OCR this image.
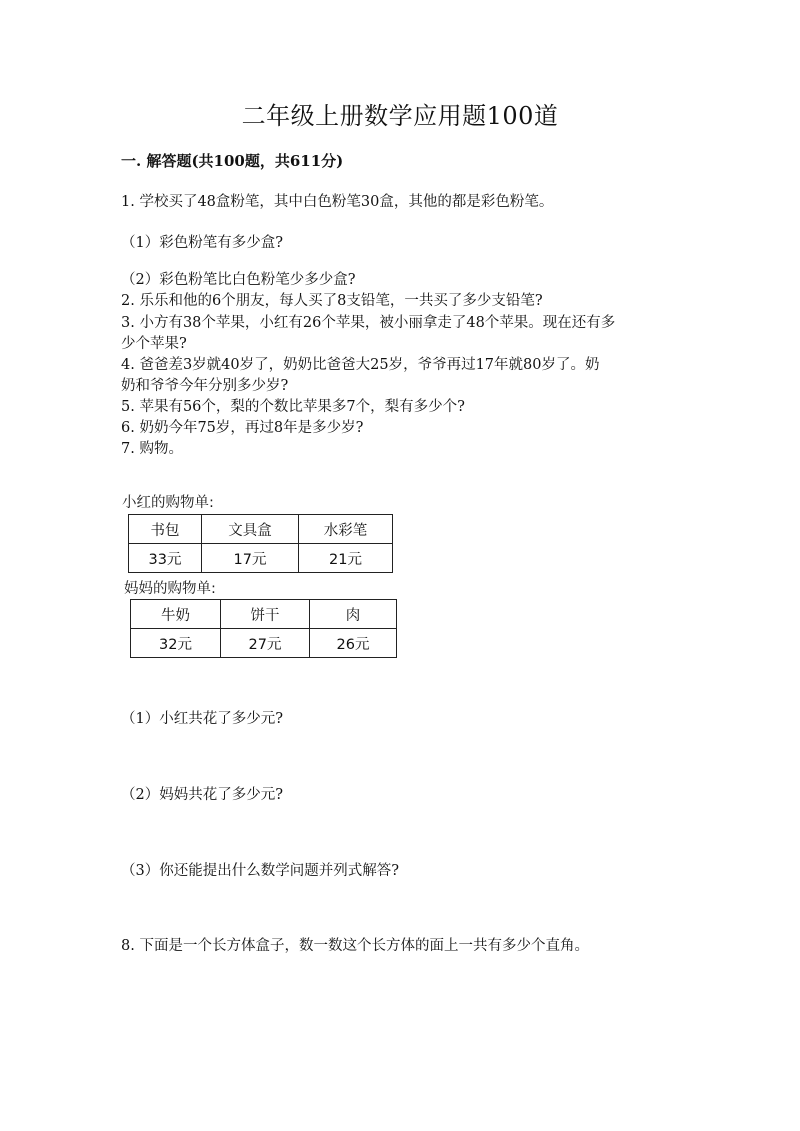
二年级上册数学应用题100道
一. 解答题(共100题，共611分)
1. 学校买了48盒粉笔，其中白色粉笔30盒，其他的都是彩色粉笔。
（1）彩色粉笔有多少盒?
（2）彩色粉笔比白色粉笔少多少盒?
2. 乐乐和他的6个朋友，每人买了8支铅笔，一共买了多少支铅笔?
3. 小方有38个苹果，小红有26个苹果，被小丽拿走了48个苹果。现在还有多
少个苹果?
4. 爸爸差3岁就40岁了，奶奶比爸爸大25岁，爷爷再过17年就80岁了。奶
奶和爷爷今年分别多少岁?
5. 苹果有56个，梨的个数比苹果多7个，梨有多少个?
6. 奶奶今年75岁，再过8年是多少岁?
7. 购物。
小红的购物单:
书包	文具盒	水彩笔
33元	17元	21元
妈妈的购物单:
牛奶	饼干	肉
32元	27元	26元
（1）小红共花了多少元?
（2）妈妈共花了多少元?
（3）你还能提出什么数学问题并列式解答?
8. 下面是一个长方体盒子，数一数这个长方体的面上一共有多少个直角。
